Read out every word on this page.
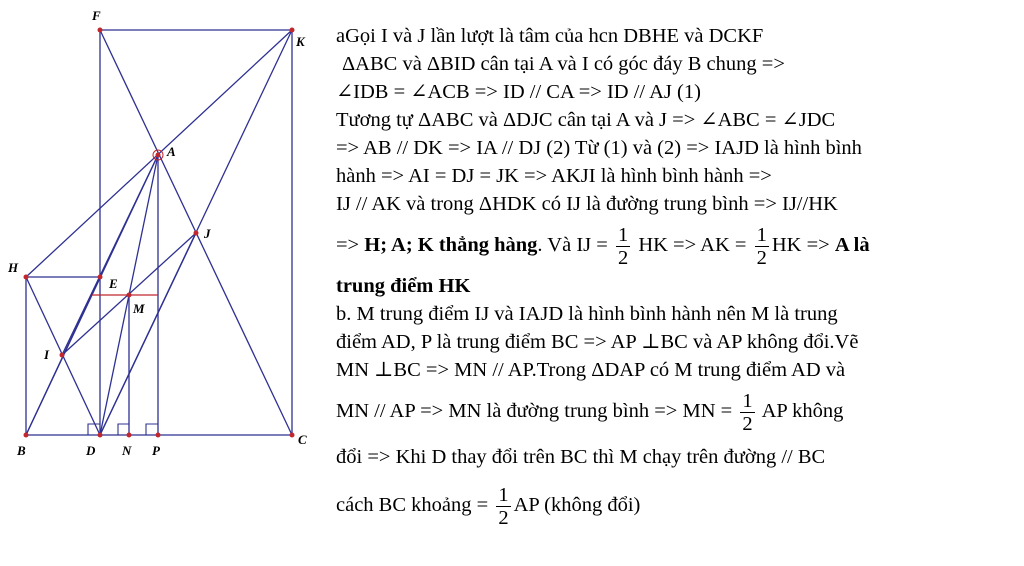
F
K
A
J
H
E
M
I
B	D N P
C
aGọi I và J lần lượt là tâm của hcn DBHE và DCKF
ΔABC và ΔBID cân tại A và I có góc đáy B chung =>
∠IDB = ∠ACB => ID // CA => ID // AJ (1)
Tương tự ΔABC và ΔDJC cân tại A và J => ∠ABC = ∠JDC
=> AB // DK => IA // DJ (2) Từ (1) và (2) => IAJD là hình bình
hành => AI = DJ = JK => AKJI là hình bình hành =>
IJ // AK và trong ΔHDK có IJ là đường trung bình => IJ//HK
=> H; A; K thẳng hàng. Và IJ = $\frac{1}{2}$ HK => AK = $\frac{1}{2}$ HK => A là
trung điểm HK
b. M trung điểm IJ và IAJD là hình bình hành nên M là trung
điểm AD, P là trung điểm BC => AP ⊥BC và AP không đổi.Vẽ
MN ⊥BC => MN // AP.Trong ΔDAP có M trung điểm AD và
MN // AP => MN là đường trung bình => MN = $\frac{1}{2}$ AP không
đổi => Khi D thay đổi trên BC thì M chạy trên đường // BC
cách BC khoảng = $\frac{1}{2}$ AP (không đổi)
